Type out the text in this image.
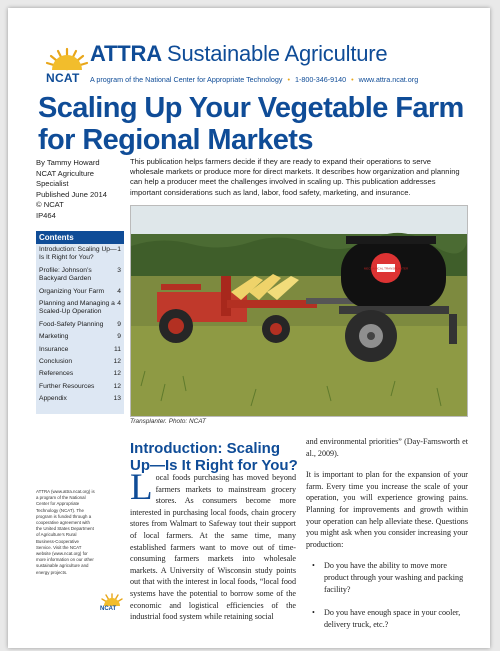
NCAT
ATTRA Sustainable Agriculture
A program of the National Center for Appropriate Technology • 1-800-346-9140 • www.attra.ncat.org
Scaling Up Your Vegetable Farm for Regional Markets
By Tammy Howard
NCAT Agriculture
Specialist
Published June 2014
© NCAT
IP464
Contents
1
Introduction: Scaling Up—Is It Right for You?
3
Profile: Johnson’s Backyard Garden
4
Organizing Your Farm
4
Planning and Managing a Scaled-Up Operation
9
Food-Safety Planning
9
Marketing
11
Insurance
12
Conclusion
12
References
12
Further Resources
13
Appendix
ATTRA (www.attra.ncat.org) is a program of the National Center for Appropriate Technology (NCAT). The program is funded through a cooperative agreement with the United States Department of Agriculture’s Rural Business-Cooperative Service. Visit the NCAT website (www.ncat.org) for more information on our other sustainable agriculture and energy projects.
NCAT
This publication helps farmers decide if they are ready to expand their operations to serve wholesale markets or produce more for direct markets. It describes how organization and planning can help a producer meet the challenges involved in scaling up. This publication addresses important considerations such as land, labor, food safety, marketing, and insurance.
MECHANICAL TRANSPLANTER
Transplanter. Photo: NCAT
Introduction: Scaling Up—Is It Right for You?
Local foods purchasing has moved beyond farmers markets to mainstream grocery stores. As consumers become more interested in purchasing local foods, chain grocery stores from Walmart to Safeway tout their support of local farmers. At the same time, many established farmers want to move out of time-consuming farmers markets into wholesale markets. A University of Wisconsin study points out that with the interest in local foods, “local food systems have the potential to borrow some of the economic and logistical efficiencies of the industrial food system while retaining social

and environmental priorities” (Day-Farnsworth et al., 2009).

It is important to plan for the expansion of your farm. Every time you increase the scale of your operation, you will experience growing pains. Planning for improvements and growth within your operation can help alleviate these. Questions you might ask when you consider increasing your production:

• Do you have the ability to move more product through your washing and packing facility?
• Do you have enough space in your cooler, delivery truck, etc.?
